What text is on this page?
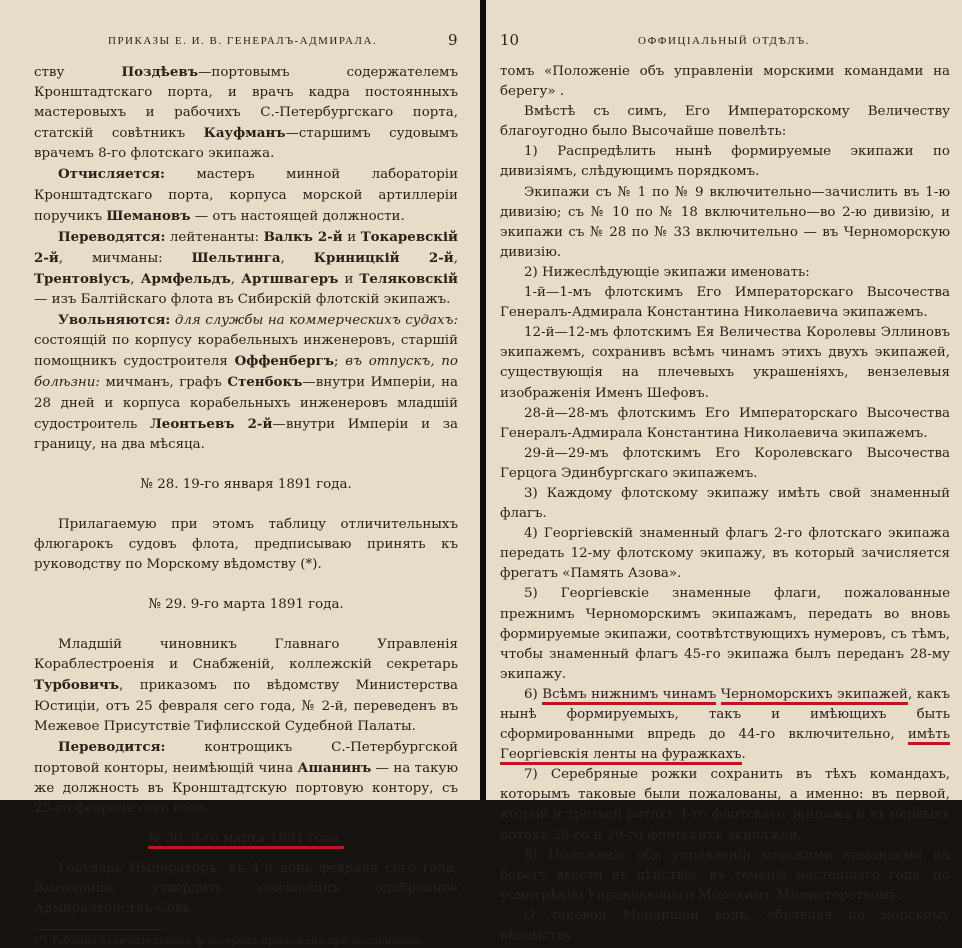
ПРИКАЗЫ Е. И. В. ГЕНЕРАЛЪ-АДМИРАЛА.	9

ству Поздѣевъ—портовымъ содержателемъ Кронштадтскаго порта, и врачъ кадра постоянныхъ мастеровыхъ и рабочихъ С.-Петербургскаго порта, статскій совѣтникъ Кауфманъ—старшимъ судовымъ врачемъ 8-го флотскаго экипажа.

Отчисляется: мастеръ минной лабораторіи Кронштадтскаго порта, корпуса морской артиллеріи поручикъ Шемановъ — отъ настоящей должности.

Переводятся: лейтенанты: Валкъ 2-й и Токаревскій 2-й, мичманы: Шельтинга, Криницкій 2-й, Трентовіусъ, Армфельдъ, Артшвагеръ и Теляковскій — изъ Балтійскаго флота въ Сибирскій флотскій экипажъ.

Увольняются: для службы на коммерческихъ судахъ: состоящій по корпусу корабельныхъ инженеровъ, старшій помощникъ судостроителя Оффенбергъ; въ отпускъ, по болѣзни: мичманъ, графъ Стенбокъ—внутри Имперіи, на 28 дней и корпуса корабельныхъ инженеровъ младшій судостроитель Леонтьевъ 2-й—внутри Имперіи и за границу, на два мѣсяца.

№ 28. 19-го января 1891 года.

Прилагаемую при этомъ таблицу отличительныхъ флюгарокъ судовъ флота, предписываю принять къ руководству по Морскому вѣдомству (*).

№ 29. 9-го марта 1891 года.

Младшій чиновникъ Главнаго Управленія Кораблестроенія и Снабженій, коллежскій секретарь Турбовичъ, приказомъ по вѣдомству Министерства Юстиціи, отъ 25 февраля сего года, № 2-й, переведенъ въ Межевое Присутствіе Тифлисской Судебной Палаты.

Переводится: контрощикъ С.-Петербургской портовой конторы, неимѣющій чина Ашанинъ — на такую же должность въ Кронштадтскую портовую контору, съ 25-го февраля сего года.

№ 30. 9-го марта 1891 года.

Государь Императоръ, въ 4-й день февраля сего года, Высочайше утвердить соизволилъ одобренное Адмиралтействъ-Совѣ-

(*) Таблица отличительныхъ флюгарокъ приложена при подлинномъ.

10	ОФФИЦІАЛЬНЫЙ ОТДѢЛЪ.

томъ «Положеніе объ управленіи морскими командами на берегу» .

Вмѣстѣ съ симъ, Его Императорскому Величеству благоугодно было Высочайше повелѣть:

1) Распредѣлить нынѣ формируемые экипажи по дивизіямъ, слѣдующимъ порядкомъ.

Экипажи съ № 1 по № 9 включительно—зачислить въ 1-ю дивизію; съ № 10 по № 18 включительно—во 2-ю дивизію, и экипажи съ № 28 по № 33 включительно — въ Черноморскую дивизію.

2) Нижеслѣдующіе экипажи именовать:

1-й—1-мъ флотскимъ Его Императорскаго Высочества Генералъ-Адмирала Константина Николаевича экипажемъ.

12-й—12-мъ флотскимъ Ея Величества Королевы Эллиновъ экипажемъ, сохранивъ всѣмъ чинамъ этихъ двухъ экипажей, существующія на плечевыхъ украшеніяхъ, вензелевыя изображенія Именъ Шефовъ.

28-й—28-мъ флотскимъ Его Императорскаго Высочества Генералъ-Адмирала Константина Николаевича экипажемъ.

29-й—29-мъ флотскимъ Его Королевскаго Высочества Герцога Эдинбургскаго экипажемъ.

3) Каждому флотскому экипажу имѣть свой знаменный флагъ.

4) Георгіевскій знаменный флагъ 2-го флотскаго экипажа передать 12-му флотскому экипажу, въ который зачисляется фрегатъ «Память Азова».

5) Георгіевскіе знаменные флаги, пожалованные прежнимъ Черноморскимъ экипажамъ, передать во вновь формируемые экипажи, соотвѣтствующихъ нумеровъ, съ тѣмъ, чтобы знаменный флагъ 45-го экипажа былъ переданъ 28-му экипажу.

6) Всѣмъ нижнимъ чинамъ Черноморскихъ экипажей, какъ нынѣ формируемыхъ, такъ и имѣющихъ быть сформированными впредь до 44-го включительно, имѣть Георгіевскія ленты на фуражкахъ.

7) Серебряные рожки сохранить въ тѣхъ командахъ, которымъ таковые были пожалованы, а именно: въ первой, второй и третьей ротахъ 4-го флотскаго экипажа и въ первыхъ ротахъ 28-го и 29-го флотскихъ экипажей.

8) Положеніе объ управленіи морскими командами на берегу ввести въ дѣйствіе, въ теченіе настоящаго года, по усмотрѣнію Управляющаго Морскимъ Министерствомъ.

О таковой Монаршей волѣ, объявляя по морскому вѣдомству
